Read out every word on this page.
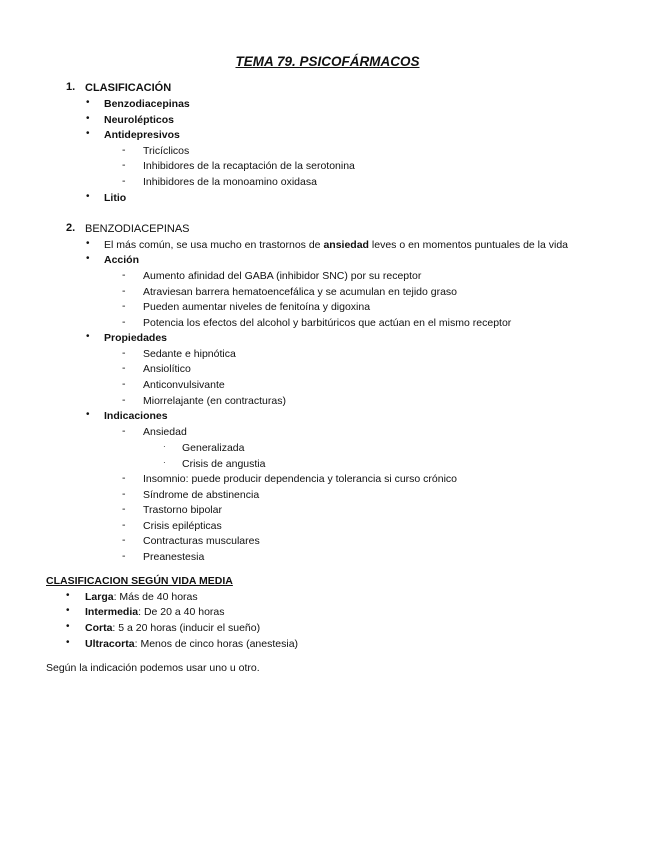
TEMA 79. PSICOFÁRMACOS
1. CLASIFICACIÓN
• Benzodiacepinas
• Neurolépticos
• Antidepresivos
- Tricíclicos
- Inhibidores de la recaptación de la serotonina
- Inhibidores de la monoamino oxidasa
• Litio
2. BENZODIACEPINAS
• El más común, se usa mucho en trastornos de ansiedad leves o en momentos puntuales de la vida
• Acción
- Aumento afinidad del GABA (inhibidor SNC) por su receptor
- Atraviesan barrera hematoencefálica y se acumulan en tejido graso
- Pueden aumentar niveles de fenitoína y digoxina
- Potencia los efectos del alcohol y barbitúricos que actúan en el mismo receptor
• Propiedades
- Sedante e hipnótica
- Ansiolítico
- Anticonvulsivante
- Miorrelajante (en contracturas)
• Indicaciones
- Ansiedad
· Generalizada
· Crisis de angustia
- Insomnio: puede producir dependencia y tolerancia si curso crónico
- Síndrome de abstinencia
- Trastorno bipolar
- Crisis epilépticas
- Contracturas musculares
- Preanestesia
CLASIFICACION SEGÚN VIDA MEDIA
• Larga: Más de 40 horas
• Intermedia: De 20 a 40 horas
• Corta: 5 a 20 horas (inducir el sueño)
• Ultracorta: Menos de cinco horas (anestesia)
Según la indicación podemos usar uno u otro.
